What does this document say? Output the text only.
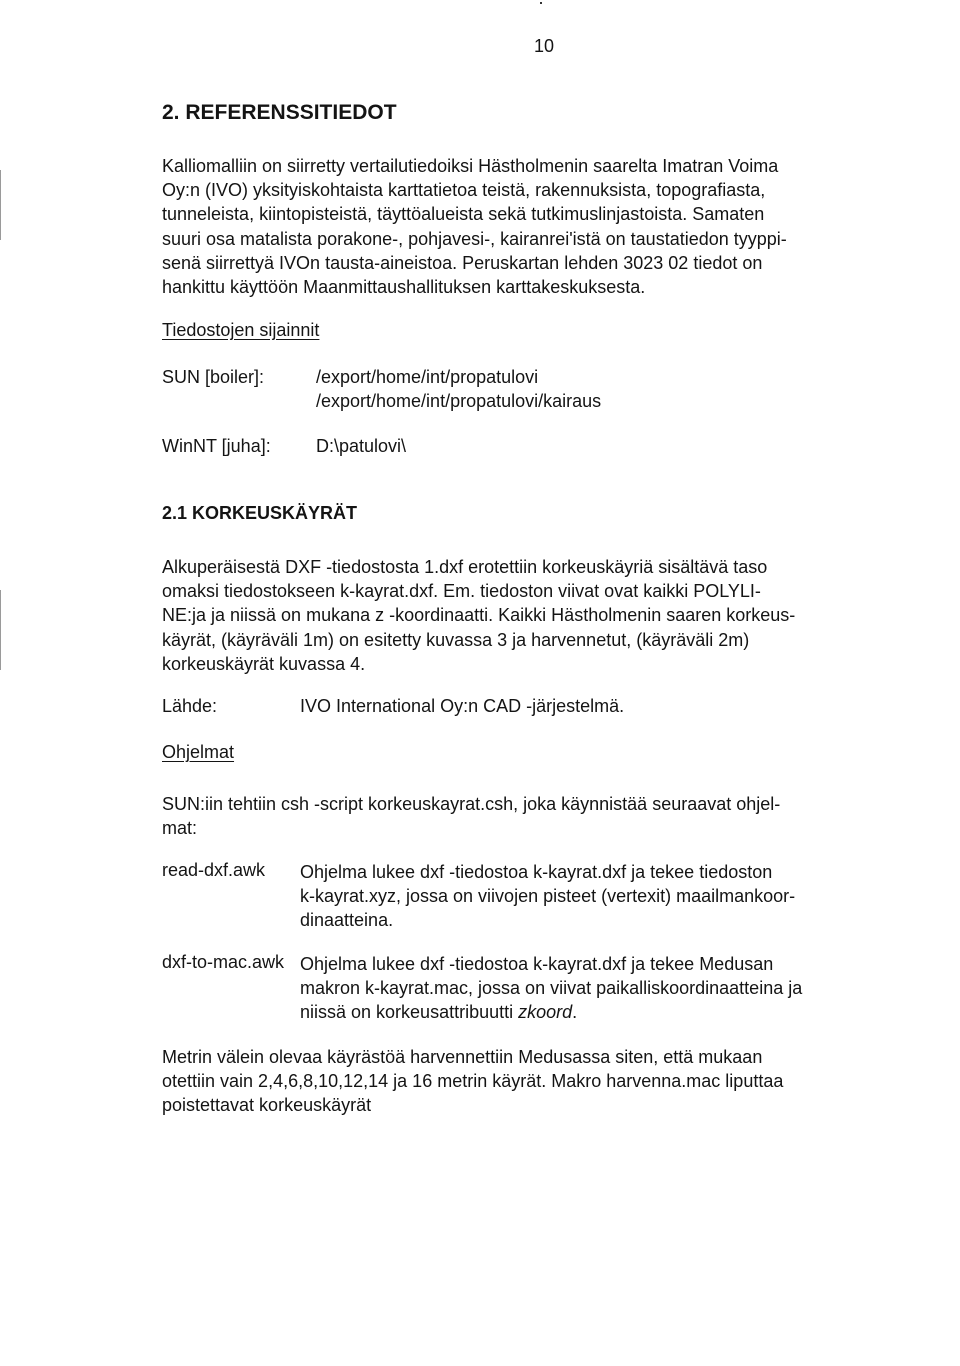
10
2. REFERENSSITIEDOT
Kalliomalliin on siirretty vertailutiedoiksi Hästholmenin saarelta Imatran Voima
Oy:n (IVO) yksityiskohtaista karttatietoa teistä, rakennuksista, topografiasta,
tunneleista, kiintopisteistä, täyttöalueista sekä tutkimuslinjastoista. Samaten
suuri osa matalista porakone-, pohjavesi-, kairanrei'istä on taustatiedon tyyppi-
senä siirrettyä IVOn tausta-aineistoa. Peruskartan lehden 3023 02 tiedot on
hankittu käyttöön Maanmittaushallituksen karttakeskuksesta.
Tiedostojen sijainnit
SUN [boiler]:	/export/home/int/propatulovi
/export/home/int/propatulovi/kairaus
WinNT [juha]:	D:\patulovi\
2.1 KORKEUSKÄYRÄT
Alkuperäisestä DXF -tiedostosta 1.dxf erotettiin korkeuskäyriä sisältävä taso
omaksi tiedostokseen k-kayrat.dxf. Em. tiedoston viivat ovat kaikki POLYLI-
NE:ja ja niissä on mukana z -koordinaatti. Kaikki Hästholmenin saaren korkeus-
käyrät, (käyräväli 1m) on esitetty kuvassa 3 ja harvennetut, (käyräväli 2m)
korkeuskäyrät kuvassa 4.
Lähde:	IVO International Oy:n CAD -järjestelmä.
Ohjelmat
SUN:iin tehtiin csh -script korkeuskayrat.csh, joka käynnistää seuraavat ohjel-
mat:
read-dxf.awk Ohjelma lukee dxf -tiedostoa k-kayrat.dxf ja tekee tiedoston
k-kayrat.xyz, jossa on viivojen pisteet (vertexit) maailmankoor-
dinaatteina.
dxf-to-mac.awk Ohjelma lukee dxf -tiedostoa k-kayrat.dxf ja tekee Medusan
makron k-kayrat.mac, jossa on viivat paikalliskoordinaatteina ja
niissä on korkeusattribuutti zkoord.
Metrin välein olevaa käyrästöä harvennettiin Medusassa siten, että mukaan
otettiin vain 2,4,6,8,10,12,14 ja 16 metrin käyrät. Makro harvenna.mac liputtaa
poistettavat korkeuskäyrät
